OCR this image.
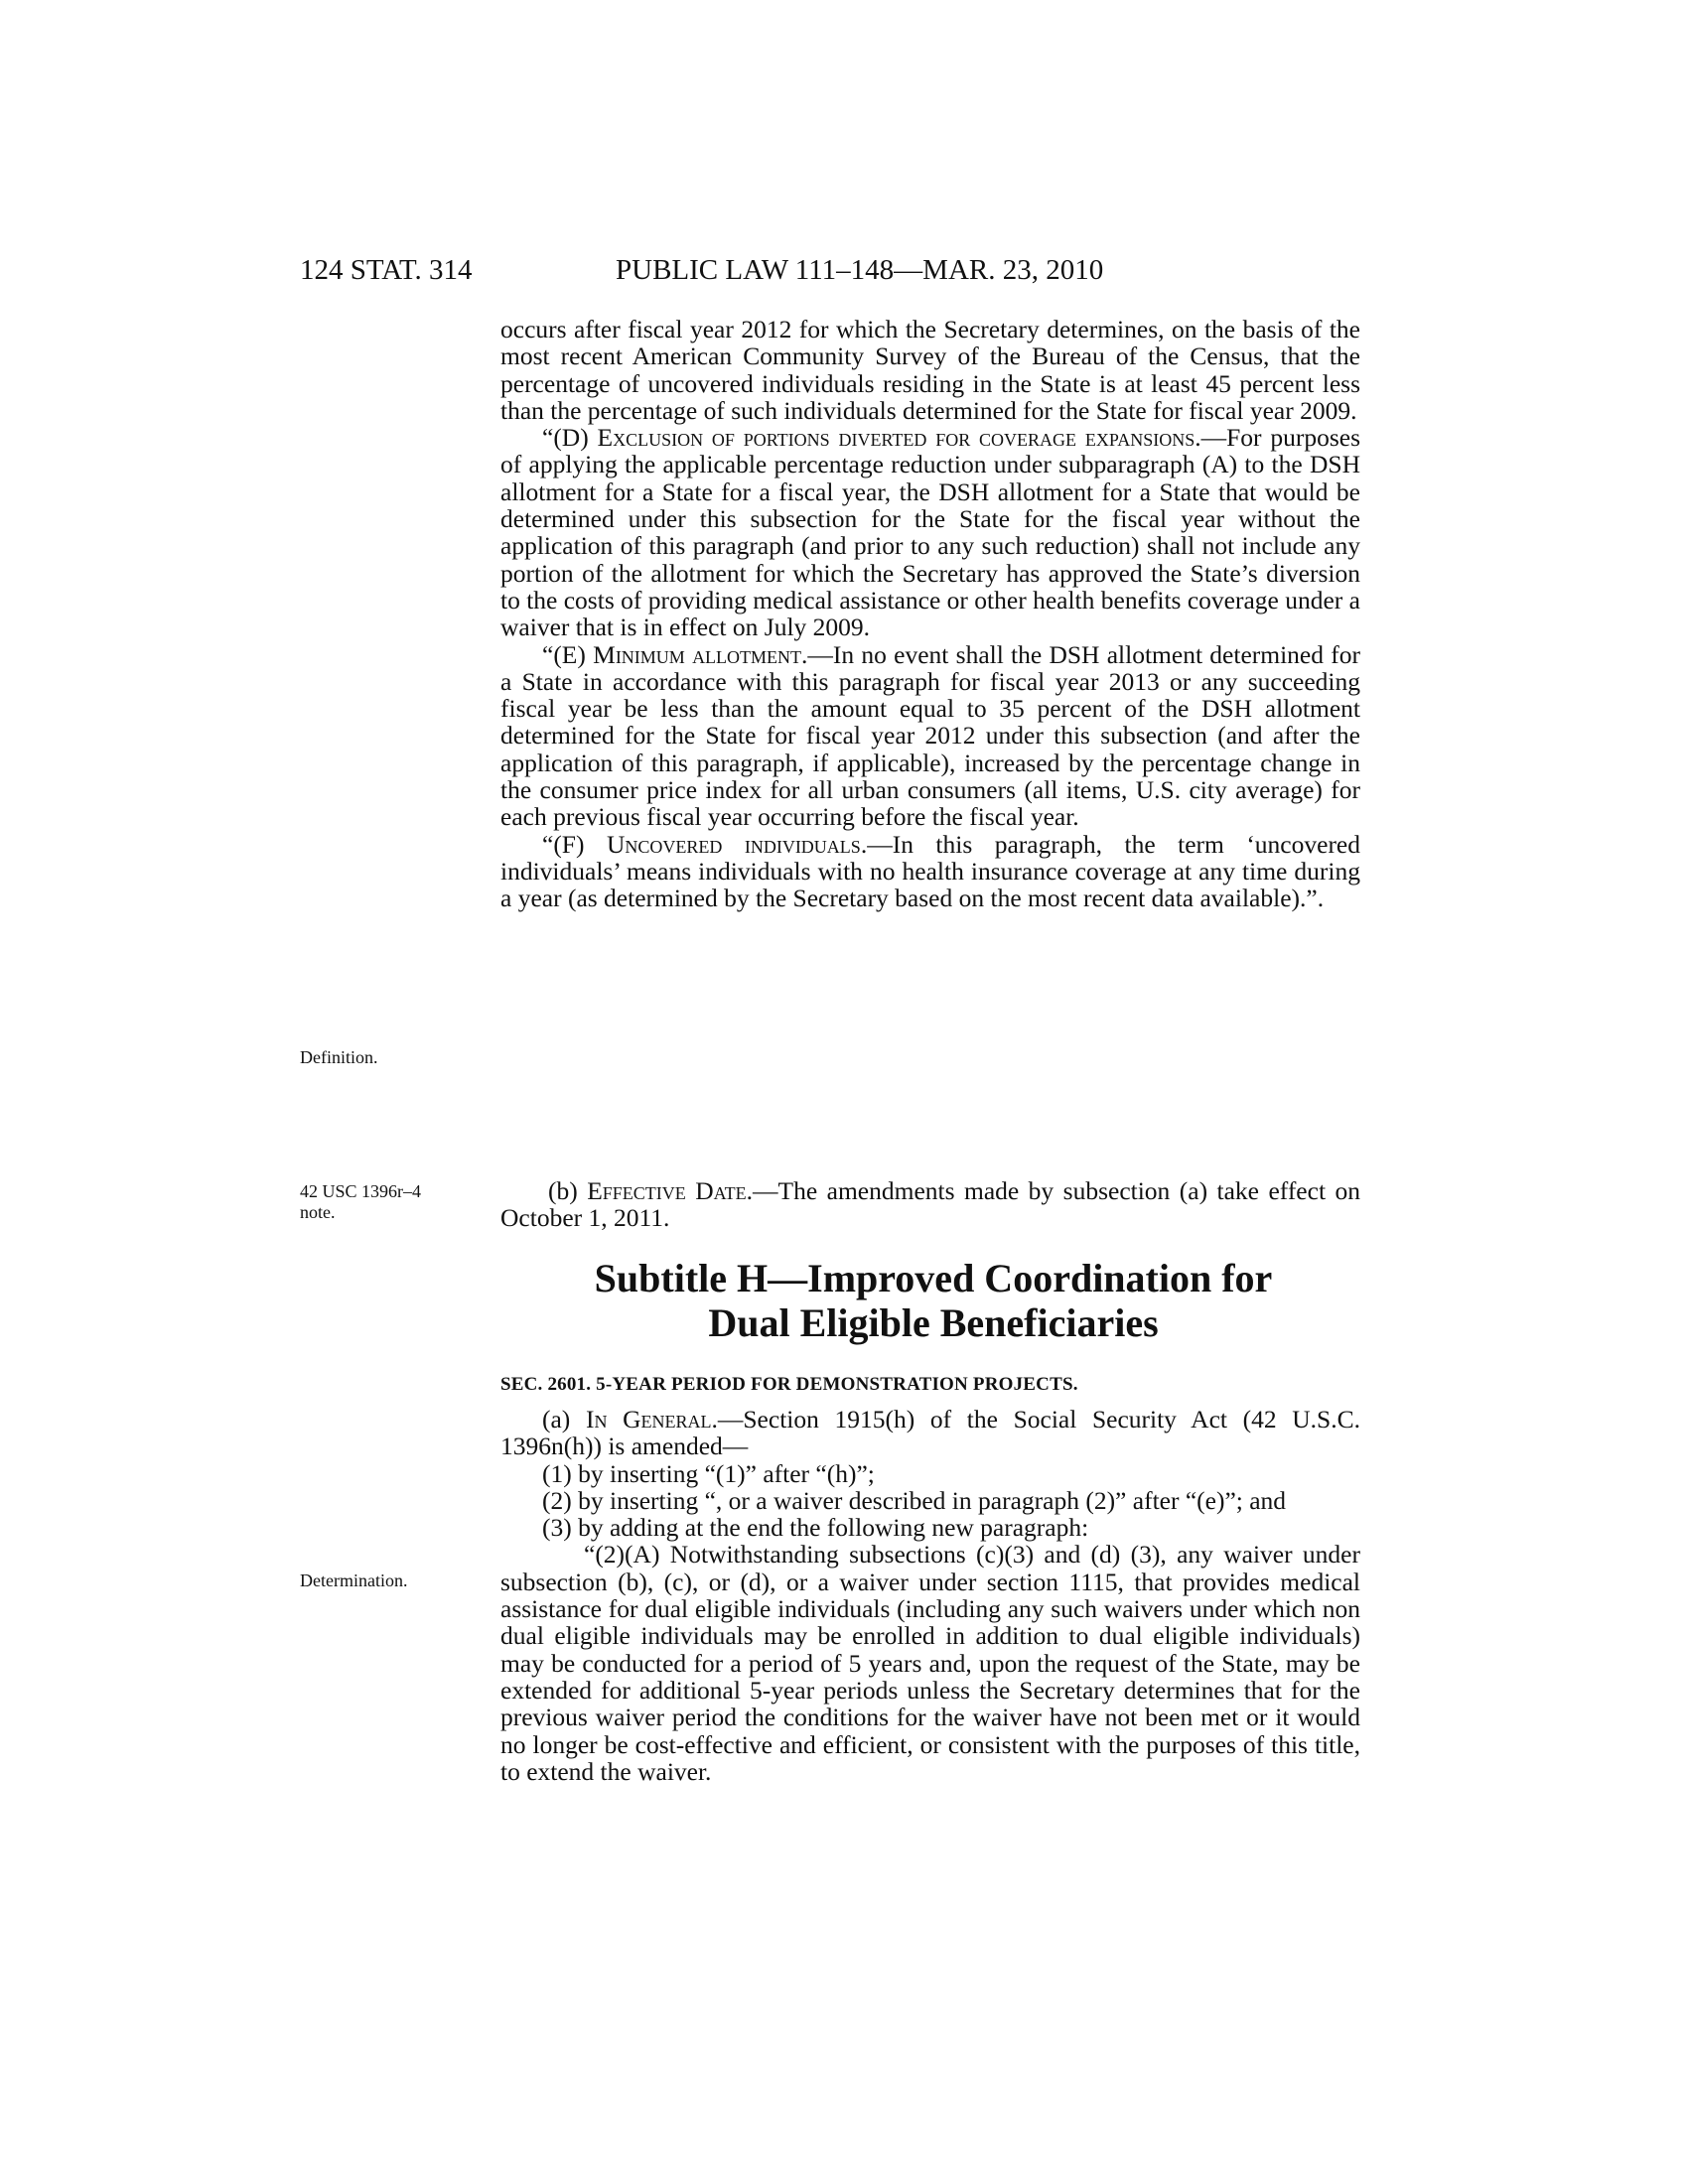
124 STAT. 314	PUBLIC LAW 111–148—MAR. 23, 2010
Definition.
42 USC 1396r–4
note.
Determination.

occurs after fiscal year 2012 for which the Secretary determines, on the basis of the most recent American Community Survey of the Bureau of the Census, that the percentage of uncovered individuals residing in the State is at least 45 percent less than the percentage of such individuals determined for the State for fiscal year 2009.

“(D) Exclusion of portions diverted for coverage expansions.—For purposes of applying the applicable percentage reduction under subparagraph (A) to the DSH allotment for a State for a fiscal year, the DSH allotment for a State that would be determined under this subsection for the State for the fiscal year without the application of this paragraph (and prior to any such reduction) shall not include any portion of the allotment for which the Secretary has approved the State’s diversion to the costs of providing medical assistance or other health benefits coverage under a waiver that is in effect on July 2009.

“(E) Minimum allotment.—In no event shall the DSH allotment determined for a State in accordance with this paragraph for fiscal year 2013 or any succeeding fiscal year be less than the amount equal to 35 percent of the DSH allotment determined for the State for fiscal year 2012 under this subsection (and after the application of this paragraph, if applicable), increased by the percentage change in the consumer price index for all urban consumers (all items, U.S. city average) for each previous fiscal year occurring before the fiscal year.

“(F) Uncovered individuals.—In this paragraph, the term ‘uncovered individuals’ means individuals with no health insurance coverage at any time during a year (as determined by the Secretary based on the most recent data available).”.

(b) Effective Date.—The amendments made by subsection (a) take effect on October 1, 2011.

Subtitle H—Improved Coordination for
Dual Eligible Beneficiaries
SEC. 2601. 5-YEAR PERIOD FOR DEMONSTRATION PROJECTS.

(a) In General.—Section 1915(h) of the Social Security Act (42 U.S.C. 1396n(h)) is amended—

(1) by inserting “(1)” after “(h)”;

(2) by inserting “, or a waiver described in paragraph (2)” after “(e)”; and

(3) by adding at the end the following new paragraph:

“(2)(A) Notwithstanding subsections (c)(3) and (d) (3), any waiver under subsection (b), (c), or (d), or a waiver under section 1115, that provides medical assistance for dual eligible individuals (including any such waivers under which non dual eligible individuals may be enrolled in addition to dual eligible individuals) may be conducted for a period of 5 years and, upon the request of the State, may be extended for additional 5-year periods unless the Secretary determines that for the previous waiver period the conditions for the waiver have not been met or it would no longer be cost-effective and efficient, or consistent with the purposes of this title, to extend the waiver.
